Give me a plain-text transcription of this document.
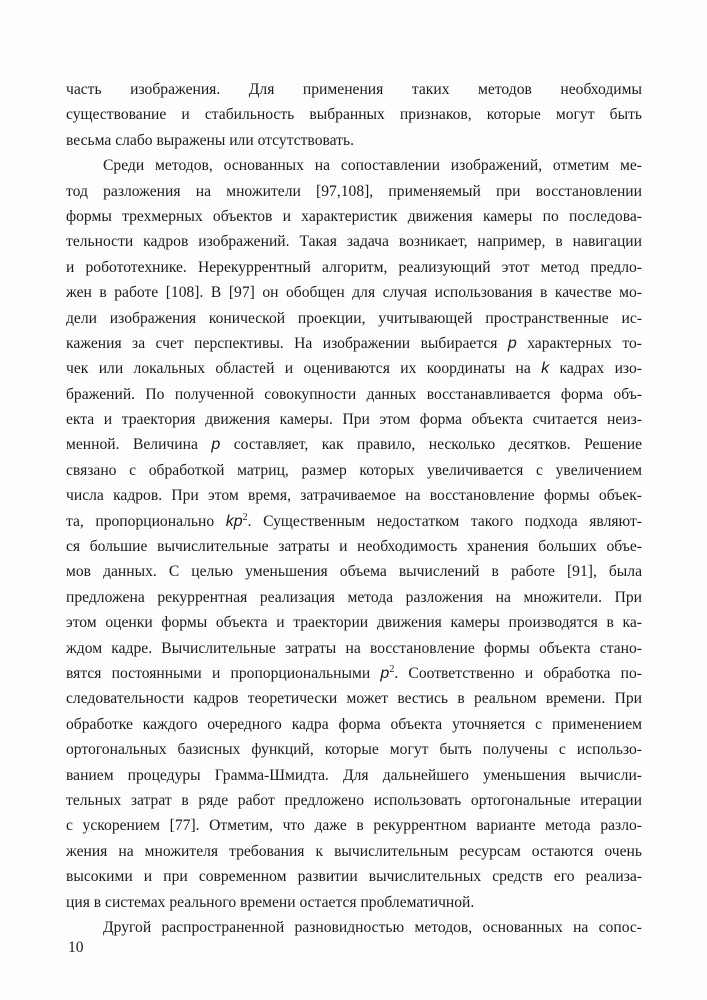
часть изображения. Для применения таких методов необходимы
существование и стабильность выбранных признаков, которые могут быть
весьма слабо выражены или отсутствовать.
Среди методов, основанных на сопоставлении изображений, отметим ме-
тод разложения на множители [97,108], применяемый при восстановлении
формы трехмерных объектов и характеристик движения камеры по последова-
тельности кадров изображений. Такая задача возникает, например, в навигации
и робототехнике. Нерекуррентный алгоритм, реализующий этот метод предло-
жен в работе [108]. В [97] он обобщен для случая использования в качестве мо-
дели изображения конической проекции, учитывающей пространственные ис-
кажения за счет перспективы. На изображении выбирается p характерных то-
чек или локальных областей и оцениваются их координаты на k кадрах изо-
бражений. По полученной совокупности данных восстанавливается форма объ-
екта и траектория движения камеры. При этом форма объекта считается неиз-
менной. Величина p составляет, как правило, несколько десятков. Решение
связано с обработкой матриц, размер которых увеличивается с увеличением
числа кадров. При этом время, затрачиваемое на восстановление формы объек-
та, пропорционально $kp^2$. Существенным недостатком такого подхода являют-
ся большие вычислительные затраты и необходимость хранения больших объе-
мов данных. С целью уменьшения объема вычислений в работе [91], была
предложена рекуррентная реализация метода разложения на множители. При
этом оценки формы объекта и траектории движения камеры производятся в ка-
ждом кадре. Вычислительные затраты на восстановление формы объекта стано-
вятся постоянными и пропорциональными $p^2$. Соответственно и обработка по-
следовательности кадров теоретически может вестись в реальном времени. При
обработке каждого очередного кадра форма объекта уточняется с применением
ортогональных базисных функций, которые могут быть получены с использо-
ванием процедуры Грамма-Шмидта. Для дальнейшего уменьшения вычисли-
тельных затрат в ряде работ предложено использовать ортогональные итерации
с ускорением [77]. Отметим, что даже в рекуррентном варианте метода разло-
жения на множителя требования к вычислительным ресурсам остаются очень
высокими и при современном развитии вычислительных средств его реализа-
ция в системах реального времени остается проблематичной.
Другой распространенной разновидностью методов, основанных на сопос-
10
